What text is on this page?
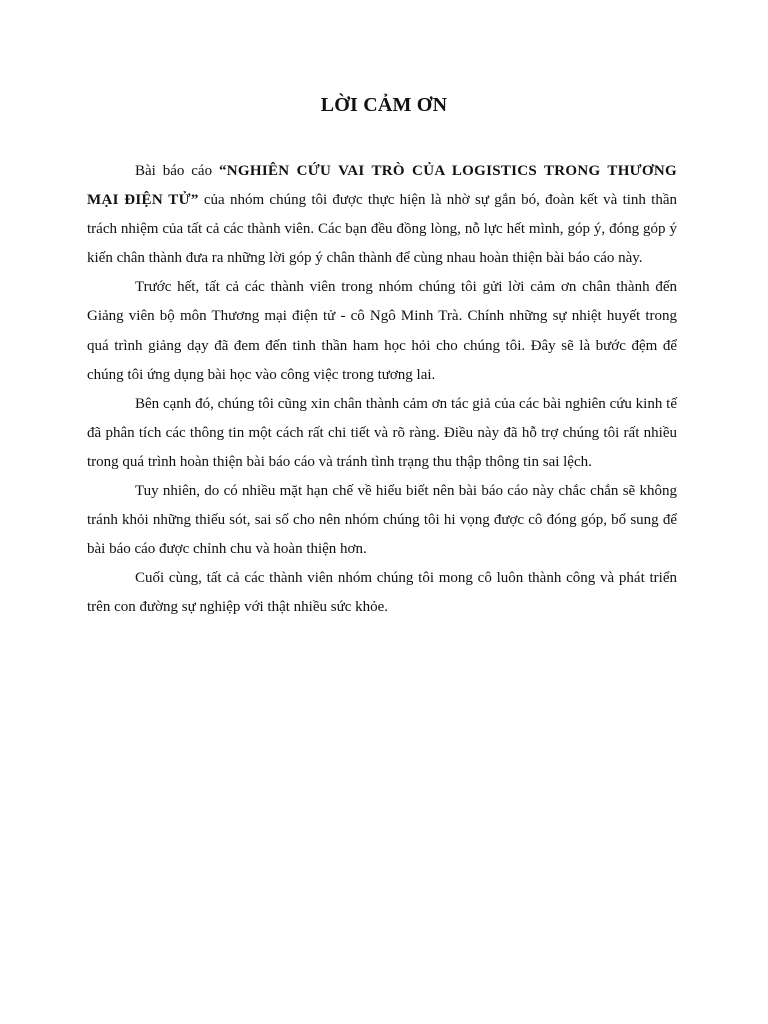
LỜI CẢM ƠN

Bài báo cáo “NGHIÊN CỨU VAI TRÒ CỦA LOGISTICS TRONG THƯƠNG MẠI ĐIỆN TỬ” của nhóm chúng tôi được thực hiện là nhờ sự gắn bó, đoàn kết và tinh thần trách nhiệm của tất cả các thành viên. Các bạn đều đồng lòng, nỗ lực hết mình, góp ý, đóng góp ý kiến chân thành đưa ra những lời góp ý chân thành để cùng nhau hoàn thiện bài báo cáo này.

Trước hết, tất cả các thành viên trong nhóm chúng tôi gửi lời cảm ơn chân thành đến Giảng viên bộ môn Thương mại điện tử - cô Ngô Minh Trà. Chính những sự nhiệt huyết trong quá trình giảng dạy đã đem đến tinh thần ham học hỏi cho chúng tôi. Đây sẽ là bước đệm để chúng tôi ứng dụng bài học vào công việc trong tương lai.

Bên cạnh đó, chúng tôi cũng xin chân thành cảm ơn tác giả của các bài nghiên cứu kinh tế đã phân tích các thông tin một cách rất chi tiết và rõ ràng. Điều này đã hỗ trợ chúng tôi rất nhiều trong quá trình hoàn thiện bài báo cáo và tránh tình trạng thu thập thông tin sai lệch.

Tuy nhiên, do có nhiều mặt hạn chế về hiểu biết nên bài báo cáo này chắc chắn sẽ không tránh khỏi những thiếu sót, sai số cho nên nhóm chúng tôi hi vọng được cô đóng góp, bổ sung để bài báo cáo được chỉnh chu và hoàn thiện hơn.

Cuối cùng, tất cả các thành viên nhóm chúng tôi mong cô luôn thành công và phát triển trên con đường sự nghiệp với thật nhiều sức khỏe.
